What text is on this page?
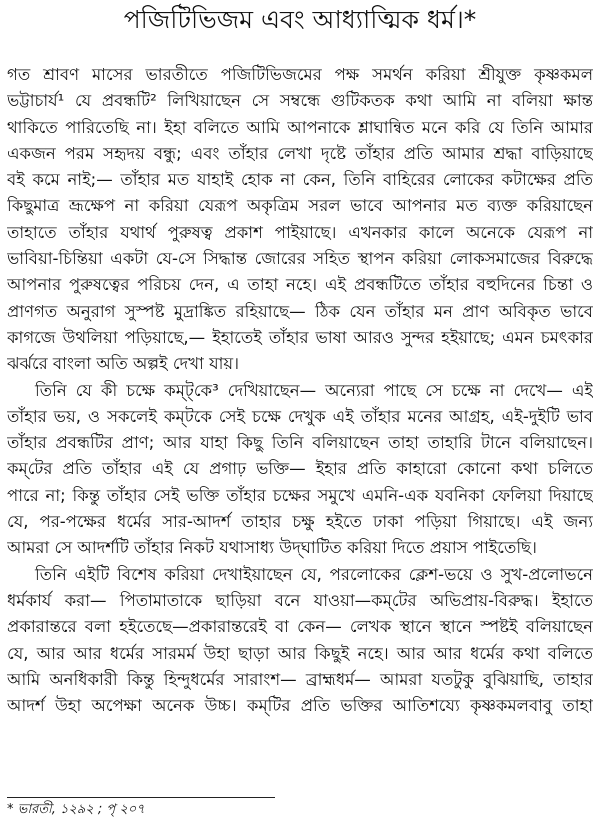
পজিটিভিজম এবং আধ্যাত্মিক ধর্ম।*
গত শ্রাবণ মাসের ভারতীতে পজিটিভিজমের পক্ষ সমর্থন করিয়া শ্রীযুক্ত কৃষ্ণকমল
ভট্টাচার্য¹ যে প্রবন্ধটি² লিখিয়াছেন সে সম্বন্ধে গুটিকতক কথা আমি না বলিয়া ক্ষান্ত
থাকিতে পারিতেছি না। ইহা বলিতে আমি আপনাকে শ্লাঘান্বিত মনে করি যে তিনি আমার
একজন পরম সহৃদয় বন্ধু; এবং তাঁহার লেখা দৃষ্টে তাঁহার প্রতি আমার শ্রদ্ধা বাড়িয়াছে
বই কমে নাই;— তাঁহার মত যাহাই হোক না কেন, তিনি বাহিরের লোকের কটাক্ষের প্রতি
কিছুমাত্র ভ্রূক্ষেপ না করিয়া যেরূপ অকৃত্রিম সরল ভাবে আপনার মত ব্যক্ত করিয়াছেন
তাহাতে তাঁহার যথার্থ পুরুষত্ব প্রকাশ পাইয়াছে। এখনকার কালে অনেকে যেরূপ না
ভাবিয়া-চিন্তিয়া একটা যে-সে সিদ্ধান্ত জোরের সহিত স্থাপন করিয়া লোকসমাজের বিরুদ্ধে
আপনার পুরুষত্বের পরিচয় দেন, এ তাহা নহে। এই প্রবন্ধটিতে তাঁহার বহুদিনের চিন্তা ও
প্রাণগত অনুরাগ সুস্পষ্ট মুদ্রাঙ্কিত রহিয়াছে— ঠিক যেন তাঁহার মন প্রাণ অবিকৃত ভাবে
কাগজে উথলিয়া পড়িয়াছে,— ইহাতেই তাঁহার ভাষা আরও সুন্দর হইয়াছে; এমন চমৎকার
ঝর্ঝরে বাংলা অতি অল্পই দেখা যায়।
তিনি যে কী চক্ষে কম্‌ট্‌কে³ দেখিয়াছেন— অন্যেরা পাছে সে চক্ষে না দেখে— এই
তাঁহার ভয়, ও সকলেই কম্‌টকে সেই চক্ষে দেখুক এই তাঁহার মনের আগ্রহ, এই-দুইটি ভাব
তাঁহার প্রবন্ধটির প্রাণ; আর যাহা কিছু তিনি বলিয়াছেন তাহা তাহারি টানে বলিয়াছেন।
কম্‌টের প্রতি তাঁহার এই যে প্রগাঢ় ভক্তি— ইহার প্রতি কাহারো কোনো কথা চলিতে
পারে না; কিন্তু তাঁহার সেই ভক্তি তাঁহার চক্ষের সমুখে এমনি-এক যবনিকা ফেলিয়া দিয়াছে
যে, পর-পক্ষের ধর্মের সার-আদর্শ তাহার চক্ষু হইতে ঢাকা পড়িয়া গিয়াছে। এই জন্য
আমরা সে আদর্শটি তাঁহার নিকট যথাসাধ্য উদ্‌ঘাটিত করিয়া দিতে প্রয়াস পাইতেছি।
তিনি এইটি বিশেষ করিয়া দেখাইয়াছেন যে, পরলোকের ক্লেশ-ভয়ে ও সুখ-প্রলোভনে
ধর্মকার্য করা— পিতামাতাকে ছাড়িয়া বনে যাওয়া—কম্‌টের অভিপ্রায়-বিরুদ্ধ। ইহাতে
প্রকারান্তরে বলা হইতেছে—প্রকারান্তরেই বা কেন— লেখক স্থানে স্থানে স্পষ্টই বলিয়াছেন
যে, আর আর ধর্মের সারমর্ম উহা ছাড়া আর কিছুই নহে। আর আর ধর্মের কথা বলিতে
আমি অনধিকারী কিন্তু হিন্দুধর্মের সারাংশ— ব্রাহ্মধর্ম— আমরা যতটুকু বুঝিয়াছি, তাহার
আদর্শ উহা অপেক্ষা অনেক উচ্চ। কম্‌টির প্রতি ভক্তির আতিশয্যে কৃষ্ণকমলবাবু তাহা
* ভারতী, ১২৯২ ; পৃ ২০৭
